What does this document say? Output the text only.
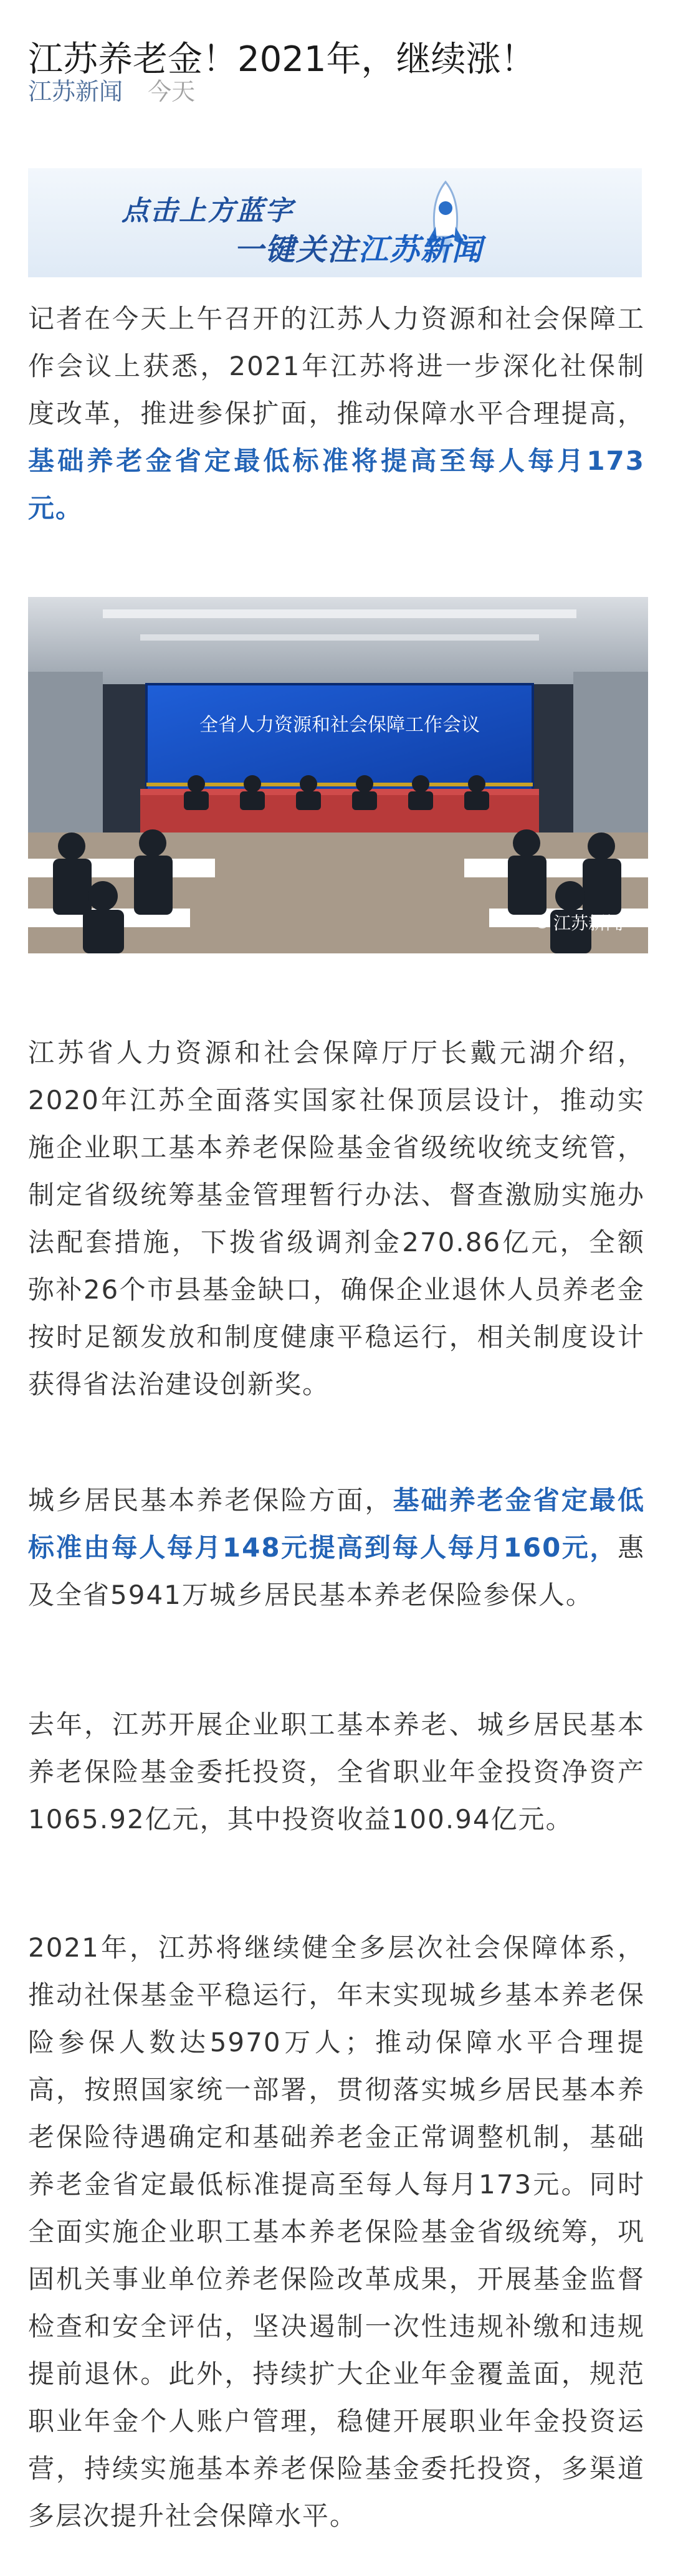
江苏养老金！2021年，继续涨！
江苏新闻 今天
点击上方蓝字
一键关注江苏新闻

记者在今天上午召开的江苏人力资源和社会保障工作会议上获悉，2021年江苏将进一步深化社保制度改革，推进参保扩面，推动保障水平合理提高，基础养老金省定最低标准将提高至每人每月173元。

全省人力资源和社会保障工作会议
江苏新闻

江苏省人力资源和社会保障厅厅长戴元湖介绍，2020年江苏全面落实国家社保顶层设计，推动实施企业职工基本养老保险基金省级统收统支统管，制定省级统筹基金管理暂行办法、督查激励实施办法配套措施，下拨省级调剂金270.86亿元，全额弥补26个市县基金缺口，确保企业退休人员养老金按时足额发放和制度健康平稳运行，相关制度设计获得省法治建设创新奖。

城乡居民基本养老保险方面，基础养老金省定最低标准由每人每月148元提高到每人每月160元，惠及全省5941万城乡居民基本养老保险参保人。

去年，江苏开展企业职工基本养老、城乡居民基本养老保险基金委托投资，全省职业年金投资净资产1065.92亿元，其中投资收益100.94亿元。

2021年，江苏将继续健全多层次社会保障体系，推动社保基金平稳运行，年末实现城乡基本养老保险参保人数达5970万人；推动保障水平合理提高，按照国家统一部署，贯彻落实城乡居民基本养老保险待遇确定和基础养老金正常调整机制，基础养老金省定最低标准提高至每人每月173元。同时全面实施企业职工基本养老保险基金省级统筹，巩固机关事业单位养老保险改革成果，开展基金监督检查和安全评估，坚决遏制一次性违规补缴和违规提前退休。此外，持续扩大企业年金覆盖面，规范职业年金个人账户管理，稳健开展职业年金投资运营，持续实施基本养老保险基金委托投资，多渠道多层次提升社会保障水平。
